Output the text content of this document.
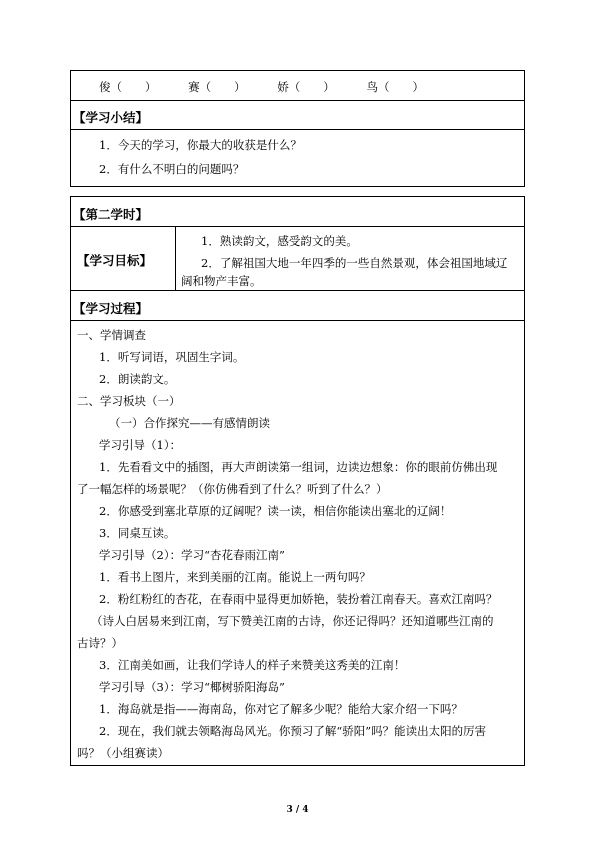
俊（　　）	赛（　　）	娇（　　）	鸟（　　）
【学习小结】
1．今天的学习，你最大的收获是什么？
2．有什么不明白的问题吗？
【第二学时】
【学习目标】
1．熟读韵文，感受韵文的美。
2．了解祖国大地一年四季的一些自然景观，体会祖国地域辽
阔和物产丰富。
【学习过程】
一、学情调查
1．听写词语，巩固生字词。
2．朗读韵文。
二、学习板块（一）
（一）合作探究——有感情朗读
学习引导（1）：
1．先看看文中的插图，再大声朗读第一组词，边读边想象：你的眼前仿佛出现
了一幅怎样的场景呢？（你仿佛看到了什么？听到了什么？）
2．你感受到塞北草原的辽阔呢？读一读，相信你能读出塞北的辽阔！
3．同桌互读。
学习引导（2）：学习“杏花春雨江南”
1．看书上图片，来到美丽的江南。能说上一两句吗？
2．粉红粉红的杏花，在春雨中显得更加娇艳，装扮着江南春天。喜欢江南吗？
（诗人白居易来到江南，写下赞美江南的古诗，你还记得吗？还知道哪些江南的
古诗？）
3．江南美如画，让我们学诗人的样子来赞美这秀美的江南！
学习引导（3）：学习“椰树骄阳海岛”
1．海岛就是指——海南岛，你对它了解多少呢？能给大家介绍一下吗？
2．现在，我们就去领略海岛风光。你预习了解“骄阳”吗？能读出太阳的厉害
吗？（小组赛读）
3 / 4
